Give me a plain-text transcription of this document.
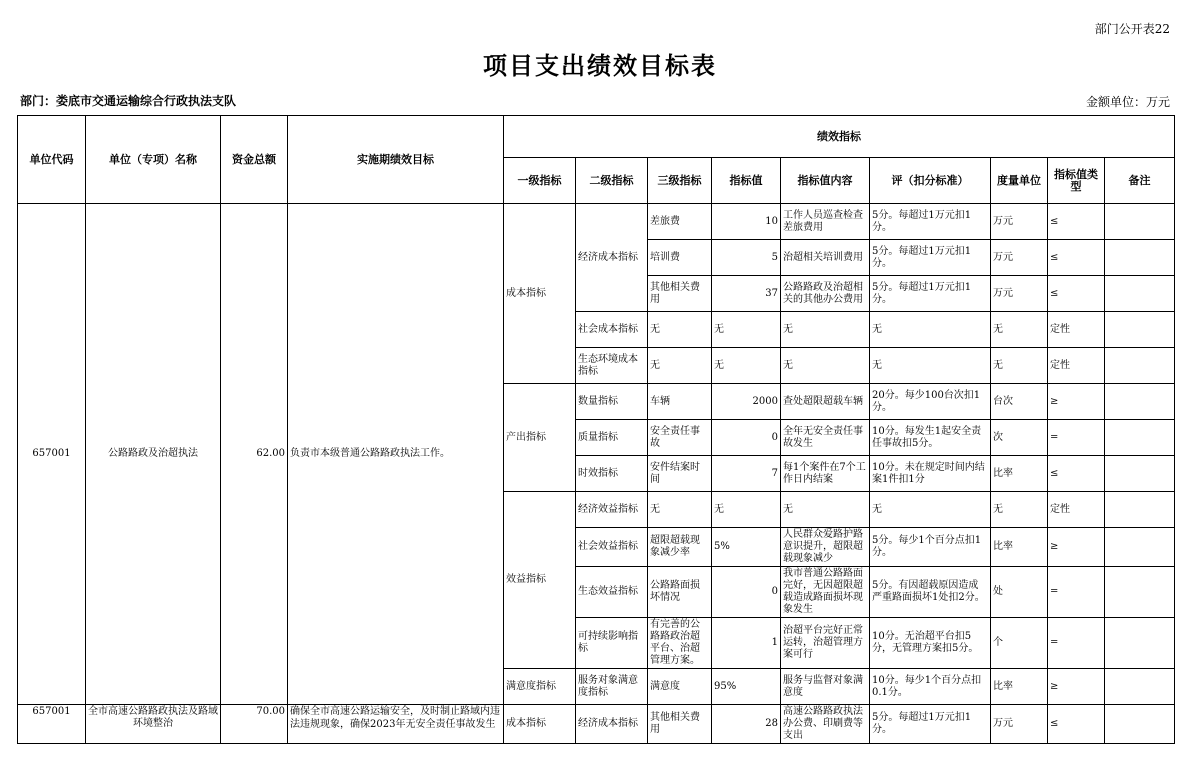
部门公开表22
项目支出绩效目标表
部门：娄底市交通运输综合行政执法支队	金额单位：万元
单位代码	单位（专项）名称	资金总额	实施期绩效目标	绩效指标								
				一级指标	二级指标	三级指标	指标值	指标值内容	评（扣分标准）	度量单位	指标值类型	备注
657001	公路路政及治超执法	62.00	负责市本级普通公路路政执法工作。	成本指标	经济成本指标	差旅费	10	工作人员巡查检查差旅费用	5分。每超过1万元扣1分。	万元	≤	
						培训费	5	治超相关培训费用	5分。每超过1万元扣1分。	万元	≤	
						其他相关费用	37	公路路政及治超相关的其他办公费用	5分。每超过1万元扣1分。	万元	≤	
					社会成本指标	无	无	无	无	无	定性	
					生态环境成本指标	无	无	无	无	无	定性	
				产出指标	数量指标	车辆	2000	查处超限超载车辆	20分。每少100台次扣1分。	台次	≥	
					质量指标	安全责任事故	0	全年无安全责任事故发生	10分。每发生1起安全责任事故扣5分。	次	=	
					时效指标	安件结案时间	7	每1个案件在7个工作日内结案	10分。未在规定时间内结案1件扣1分	比率	≤	
				效益指标	经济效益指标	无	无	无	无	无	定性	
					社会效益指标	超限超载现象减少率	5%	人民群众爱路护路意识提升，超限超载现象减少	5分。每少1个百分点扣1分。	比率	≥	
					生态效益指标	公路路面损坏情况	0	我市普通公路路面完好，无因超限超载造成路面损坏现象发生	5分。有因超载原因造成严重路面损坏1处扣2分。	处	=	
					可持续影响指标	有完善的公路路政治超平台、治超管理方案。	1	治超平台完好正常运转，治超管理方案可行	10分。无治超平台扣5分，无管理方案扣5分。	个	=	
				满意度指标	服务对象满意度指标	满意度	95%	服务与监督对象满意度	10分。每少1个百分点扣0.1分。	比率	≥	
657001	全市高速公路路政执法及路域环境整治	70.00	确保全市高速公路运输安全，及时制止路域内违法违规现象，确保2023年无安全责任事故发生	成本指标	经济成本指标	其他相关费用	28	高速公路路政执法办公费、印刷费等支出	5分。每超过1万元扣1分。	万元	≤	
